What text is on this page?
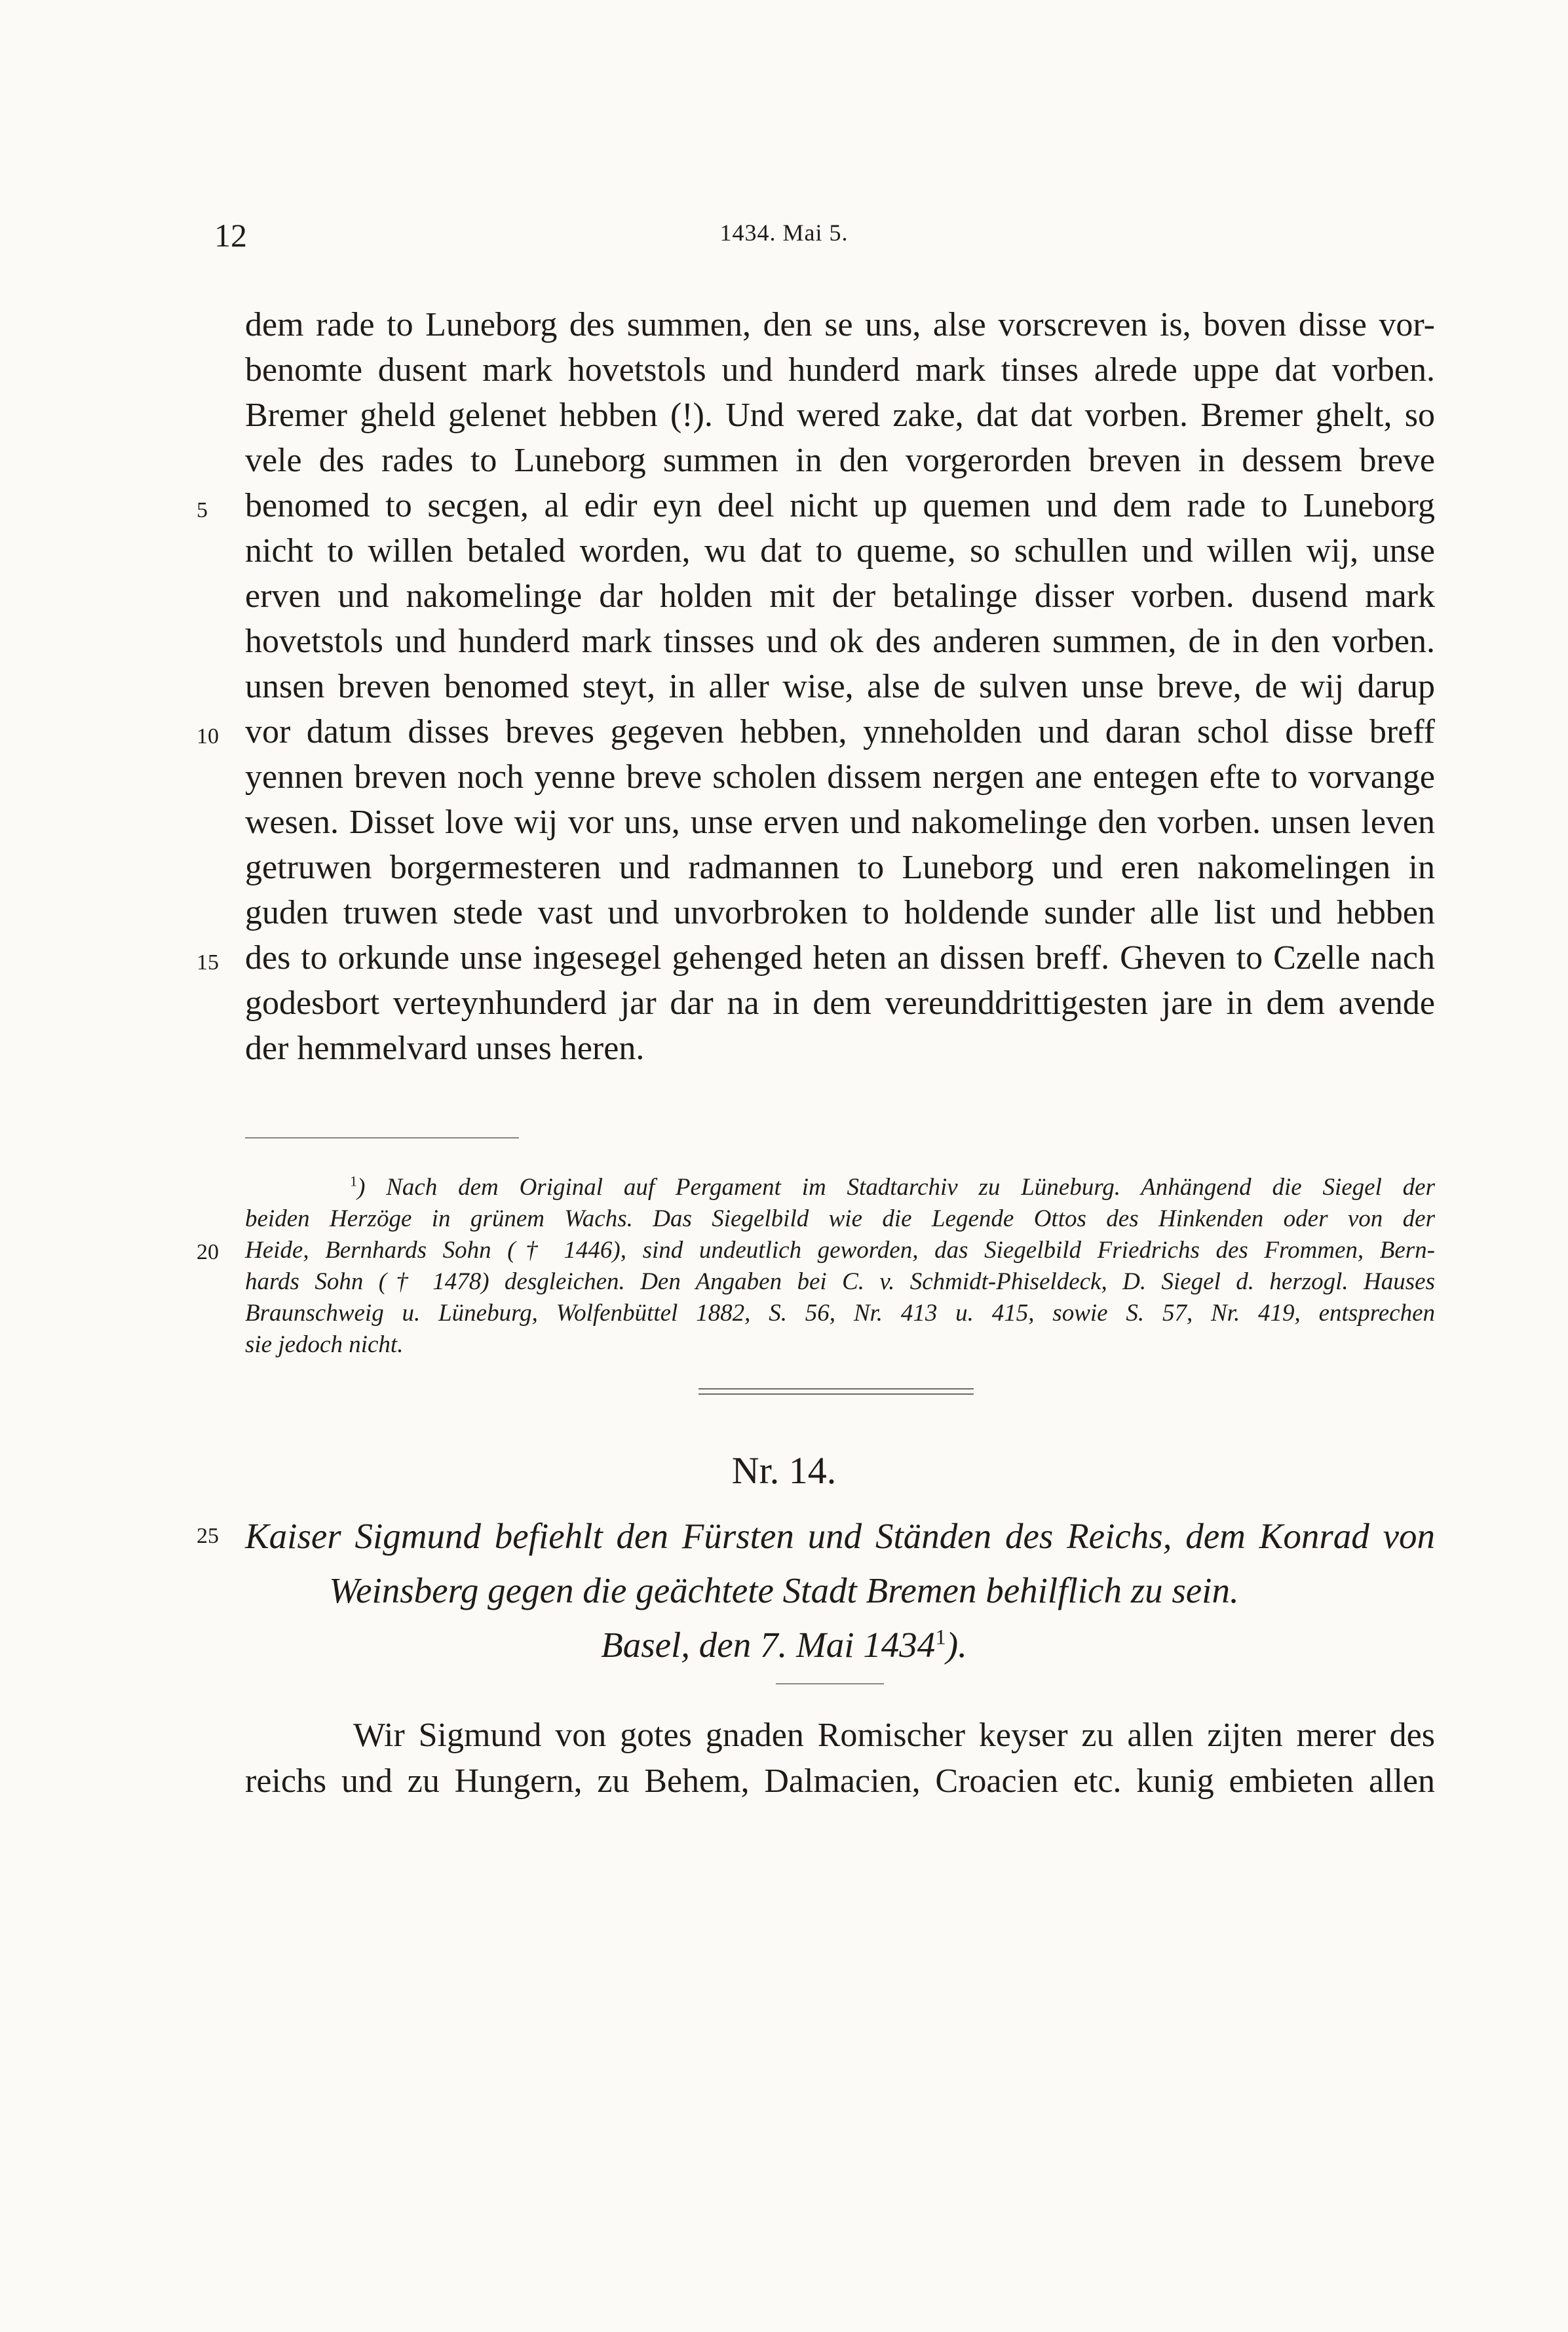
12	1434. Mai 5.
dem rade to Luneborg des summen, den se uns, alse vorscreven is, boven disse vor-
benomte dusent mark hovetstols und hunderd mark tinses alrede uppe dat vorben.
Bremer gheld gelenet hebben (!). Und wered zake, dat dat vorben. Bremer ghelt, so
vele des rades to Luneborg summen in den vorgerorden breven in dessem breve
benomed to secgen, al edir eyn deel nicht up quemen und dem rade to Luneborg
nicht to willen betaled worden, wu dat to queme, so schullen und willen wij, unse
erven und nakomelinge dar holden mit der betalinge disser vorben. dusend mark
hovetstols und hunderd mark tinsses und ok des anderen summen, de in den vorben.
unsen breven benomed steyt, in aller wise, alse de sulven unse breve, de wij darup
vor datum disses breves gegeven hebben, ynneholden und daran schol disse breff
yennen breven noch yenne breve scholen dissem nergen ane entegen efte to vorvange
wesen. Disset love wij vor uns, unse erven und nakomelinge den vorben. unsen leven
getruwen borgermesteren und radmannen to Luneborg und eren nakomelingen in
guden truwen stede vast und unvorbroken to holdende sunder alle list und hebben
des to orkunde unse ingesegel gehenged heten an dissen breff. Gheven to Czelle nach
godesbort verteynhunderd jar dar na in dem vereunddrittigesten jare in dem avende
der hemmelvard unses heren.
5
10
15
20
25
$^1$) Nach dem Original auf Pergament im Stadtarchiv zu Lüneburg. Anhängend die Siegel der
beiden Herzöge in grünem Wachs. Das Siegelbild wie die Legende Ottos des Hinkenden oder von der
Heide, Bernhards Sohn († 1446), sind undeutlich geworden, das Siegelbild Friedrichs des Frommen, Bern-
hards Sohn († 1478) desgleichen. Den Angaben bei C. v. Schmidt-Phiseldeck, D. Siegel d. herzogl. Hauses
Braunschweig u. Lüneburg, Wolfenbüttel 1882, S. 56, Nr. 413 u. 415, sowie S. 57, Nr. 419, entsprechen
sie jedoch nicht.
Nr. 14.
Kaiser Sigmund befiehlt den Fürsten und Ständen des Reichs, dem Konrad von
Weinsberg gegen die geächtete Stadt Bremen behilflich zu sein.
Basel, den 7. Mai 1434$^1$).
Wir Sigmund von gotes gnaden Romischer keyser zu allen zijten merer des
reichs und zu Hungern, zu Behem, Dalmacien, Croacien etc. kunig embieten allen
